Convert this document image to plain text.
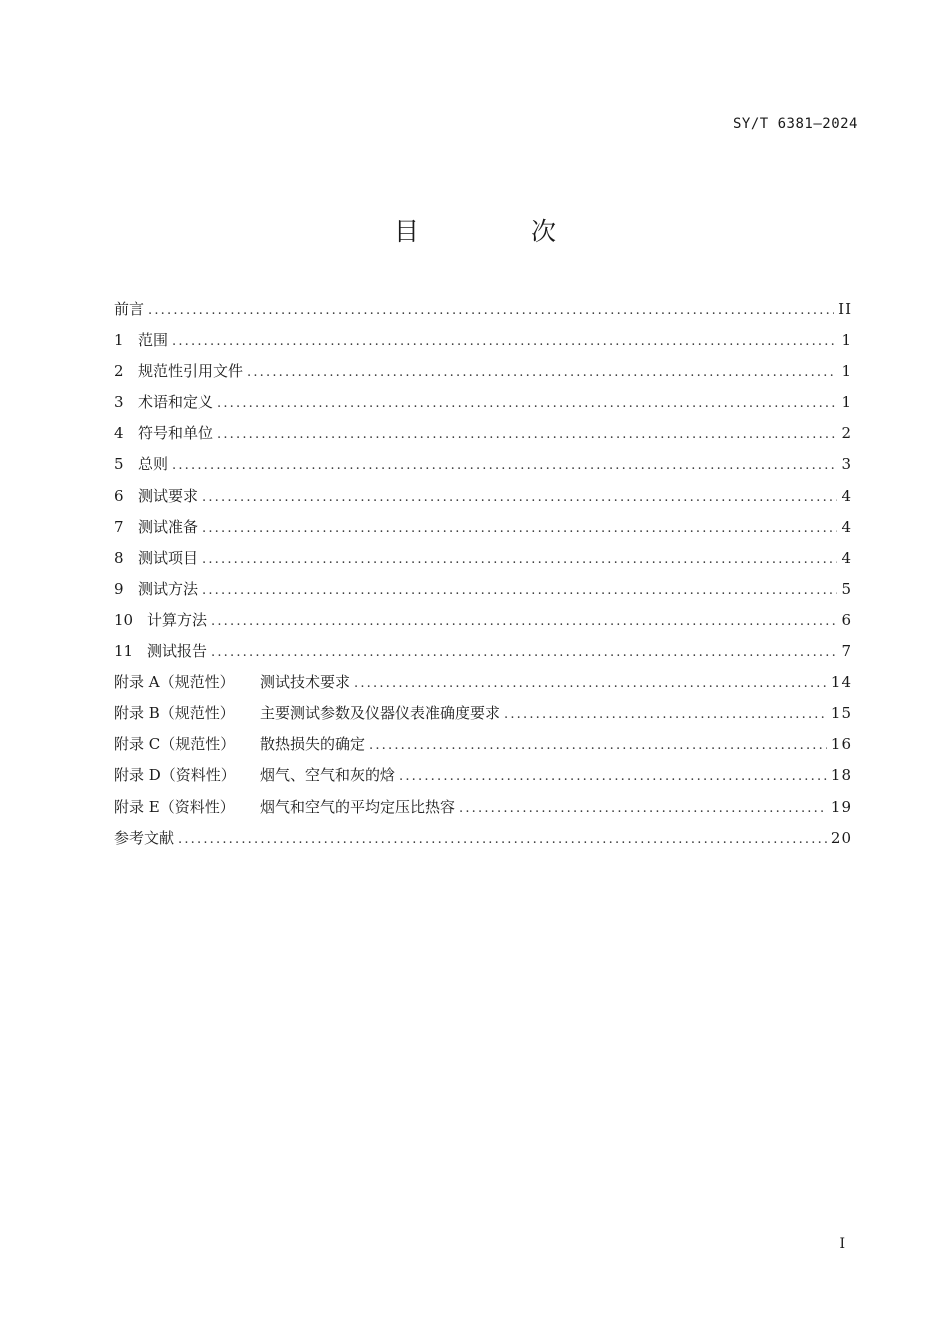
SY/T 6381—2024
目 次
前言 .....	II
1 范围 .....	1
2 规范性引用文件 .....	1
3 术语和定义 .....	1
4 符号和单位 .....	2
5 总则 .....	3
6 测试要求 .....	4
7 测试准备 .....	4
8 测试项目 .....	4
9 测试方法 .....	5
10 计算方法 .....	6
11 测试报告 .....	7
附录 A（规范性）	测试技术要求 .....	14
附录 B（规范性）	主要测试参数及仪器仪表准确度要求 .....	15
附录 C（规范性）	散热损失的确定 .....	16
附录 D（资料性）	烟气、空气和灰的焓 .....	18
附录 E（资料性）	烟气和空气的平均定压比热容 .....	19
参考文献 .....	20
I
